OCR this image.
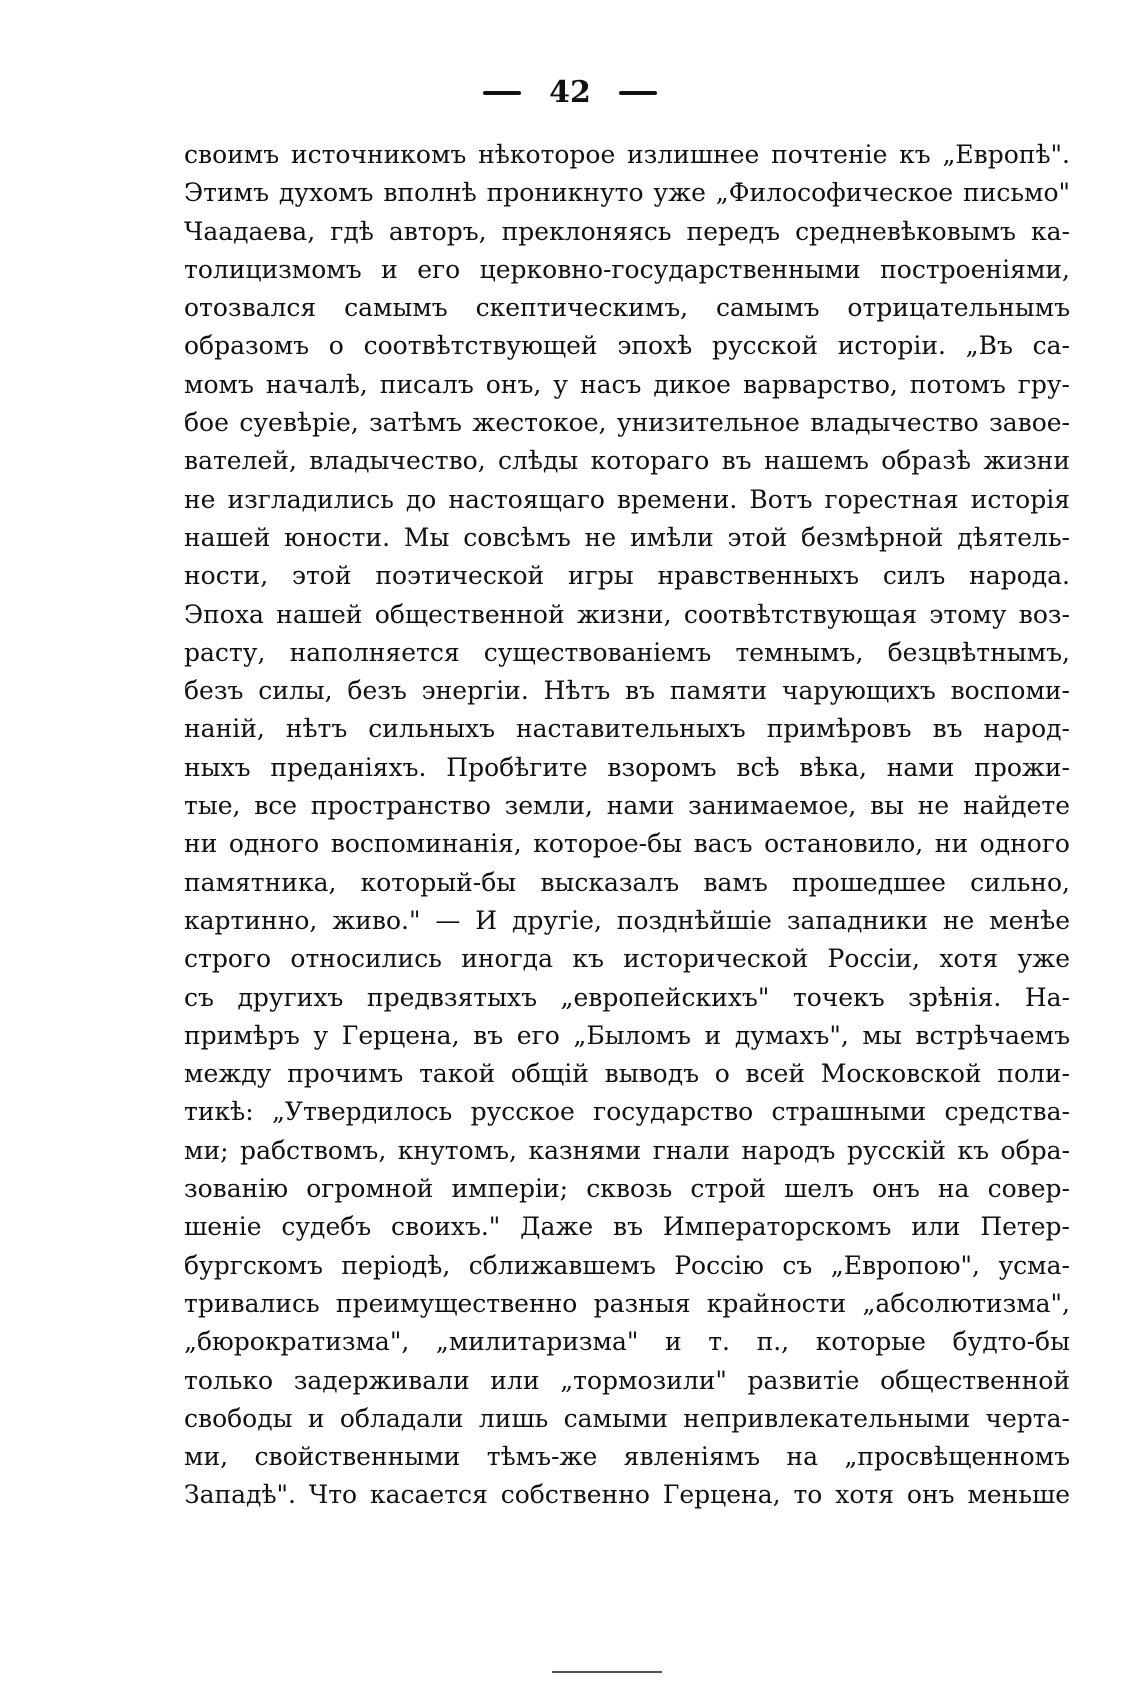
42
своимъ источникомъ нѣкоторое излишнее почтеніе къ „Европѣ".
Этимъ духомъ вполнѣ проникнуто уже „Философическое письмо"
Чаадаева, гдѣ авторъ, преклоняясь передъ средневѣковымъ ка-
толицизмомъ и его церковно-государственными построеніями,
отозвался самымъ скептическимъ, самымъ отрицательнымъ
образомъ о соотвѣтствующей эпохѣ русской исторіи. „Въ са-
момъ началѣ, писалъ онъ, у насъ дикое варварство, потомъ гру-
бое суевѣріе, затѣмъ жестокое, унизительное владычество завое-
вателей, владычество, слѣды котораго въ нашемъ образѣ жизни
не изгладились до настоящаго времени. Вотъ горестная исторія
нашей юности. Мы совсѣмъ не имѣли этой безмѣрной дѣятель-
ности, этой поэтической игры нравственныхъ силъ народа.
Эпоха нашей общественной жизни, соотвѣтствующая этому воз-
расту, наполняется существованіемъ темнымъ, безцвѣтнымъ,
безъ силы, безъ энергіи. Нѣтъ въ памяти чарующихъ воспоми-
наній, нѣтъ сильныхъ наставительныхъ примѣровъ въ народ-
ныхъ преданіяхъ. Пробѣгите взоромъ всѣ вѣка, нами прожи-
тые, все пространство земли, нами занимаемое, вы не найдете
ни одного воспоминанія, которое-бы васъ остановило, ни одного
памятника, который-бы высказалъ вамъ прошедшее сильно,
картинно, живо." — И другіе, позднѣйшіе западники не менѣе
строго относились иногда къ исторической Россіи, хотя уже
съ другихъ предвзятыхъ „европейскихъ" точекъ зрѣнія. На-
примѣръ у Герцена, въ его „Быломъ и думахъ", мы встрѣчаемъ
между прочимъ такой общій выводъ о всей Московской поли-
тикѣ: „Утвердилось русское государство страшными средства-
ми; рабствомъ, кнутомъ, казнями гнали народъ русскій къ обра-
зованію огромной имперіи; сквозь строй шелъ онъ на совер-
шеніе судебъ своихъ." Даже въ Императорскомъ или Петер-
бургскомъ періодѣ, сближавшемъ Россію съ „Европою", усма-
тривались преимущественно разныя крайности „абсолютизма",
„бюрократизма", „милитаризма" и т. п., которые будто-бы
только задерживали или „тормозили" развитіе общественной
свободы и обладали лишь самыми непривлекательными черта-
ми, свойственными тѣмъ-же явленіямъ на „просвѣщенномъ
Западѣ". Что касается собственно Герцена, то хотя онъ меньше
